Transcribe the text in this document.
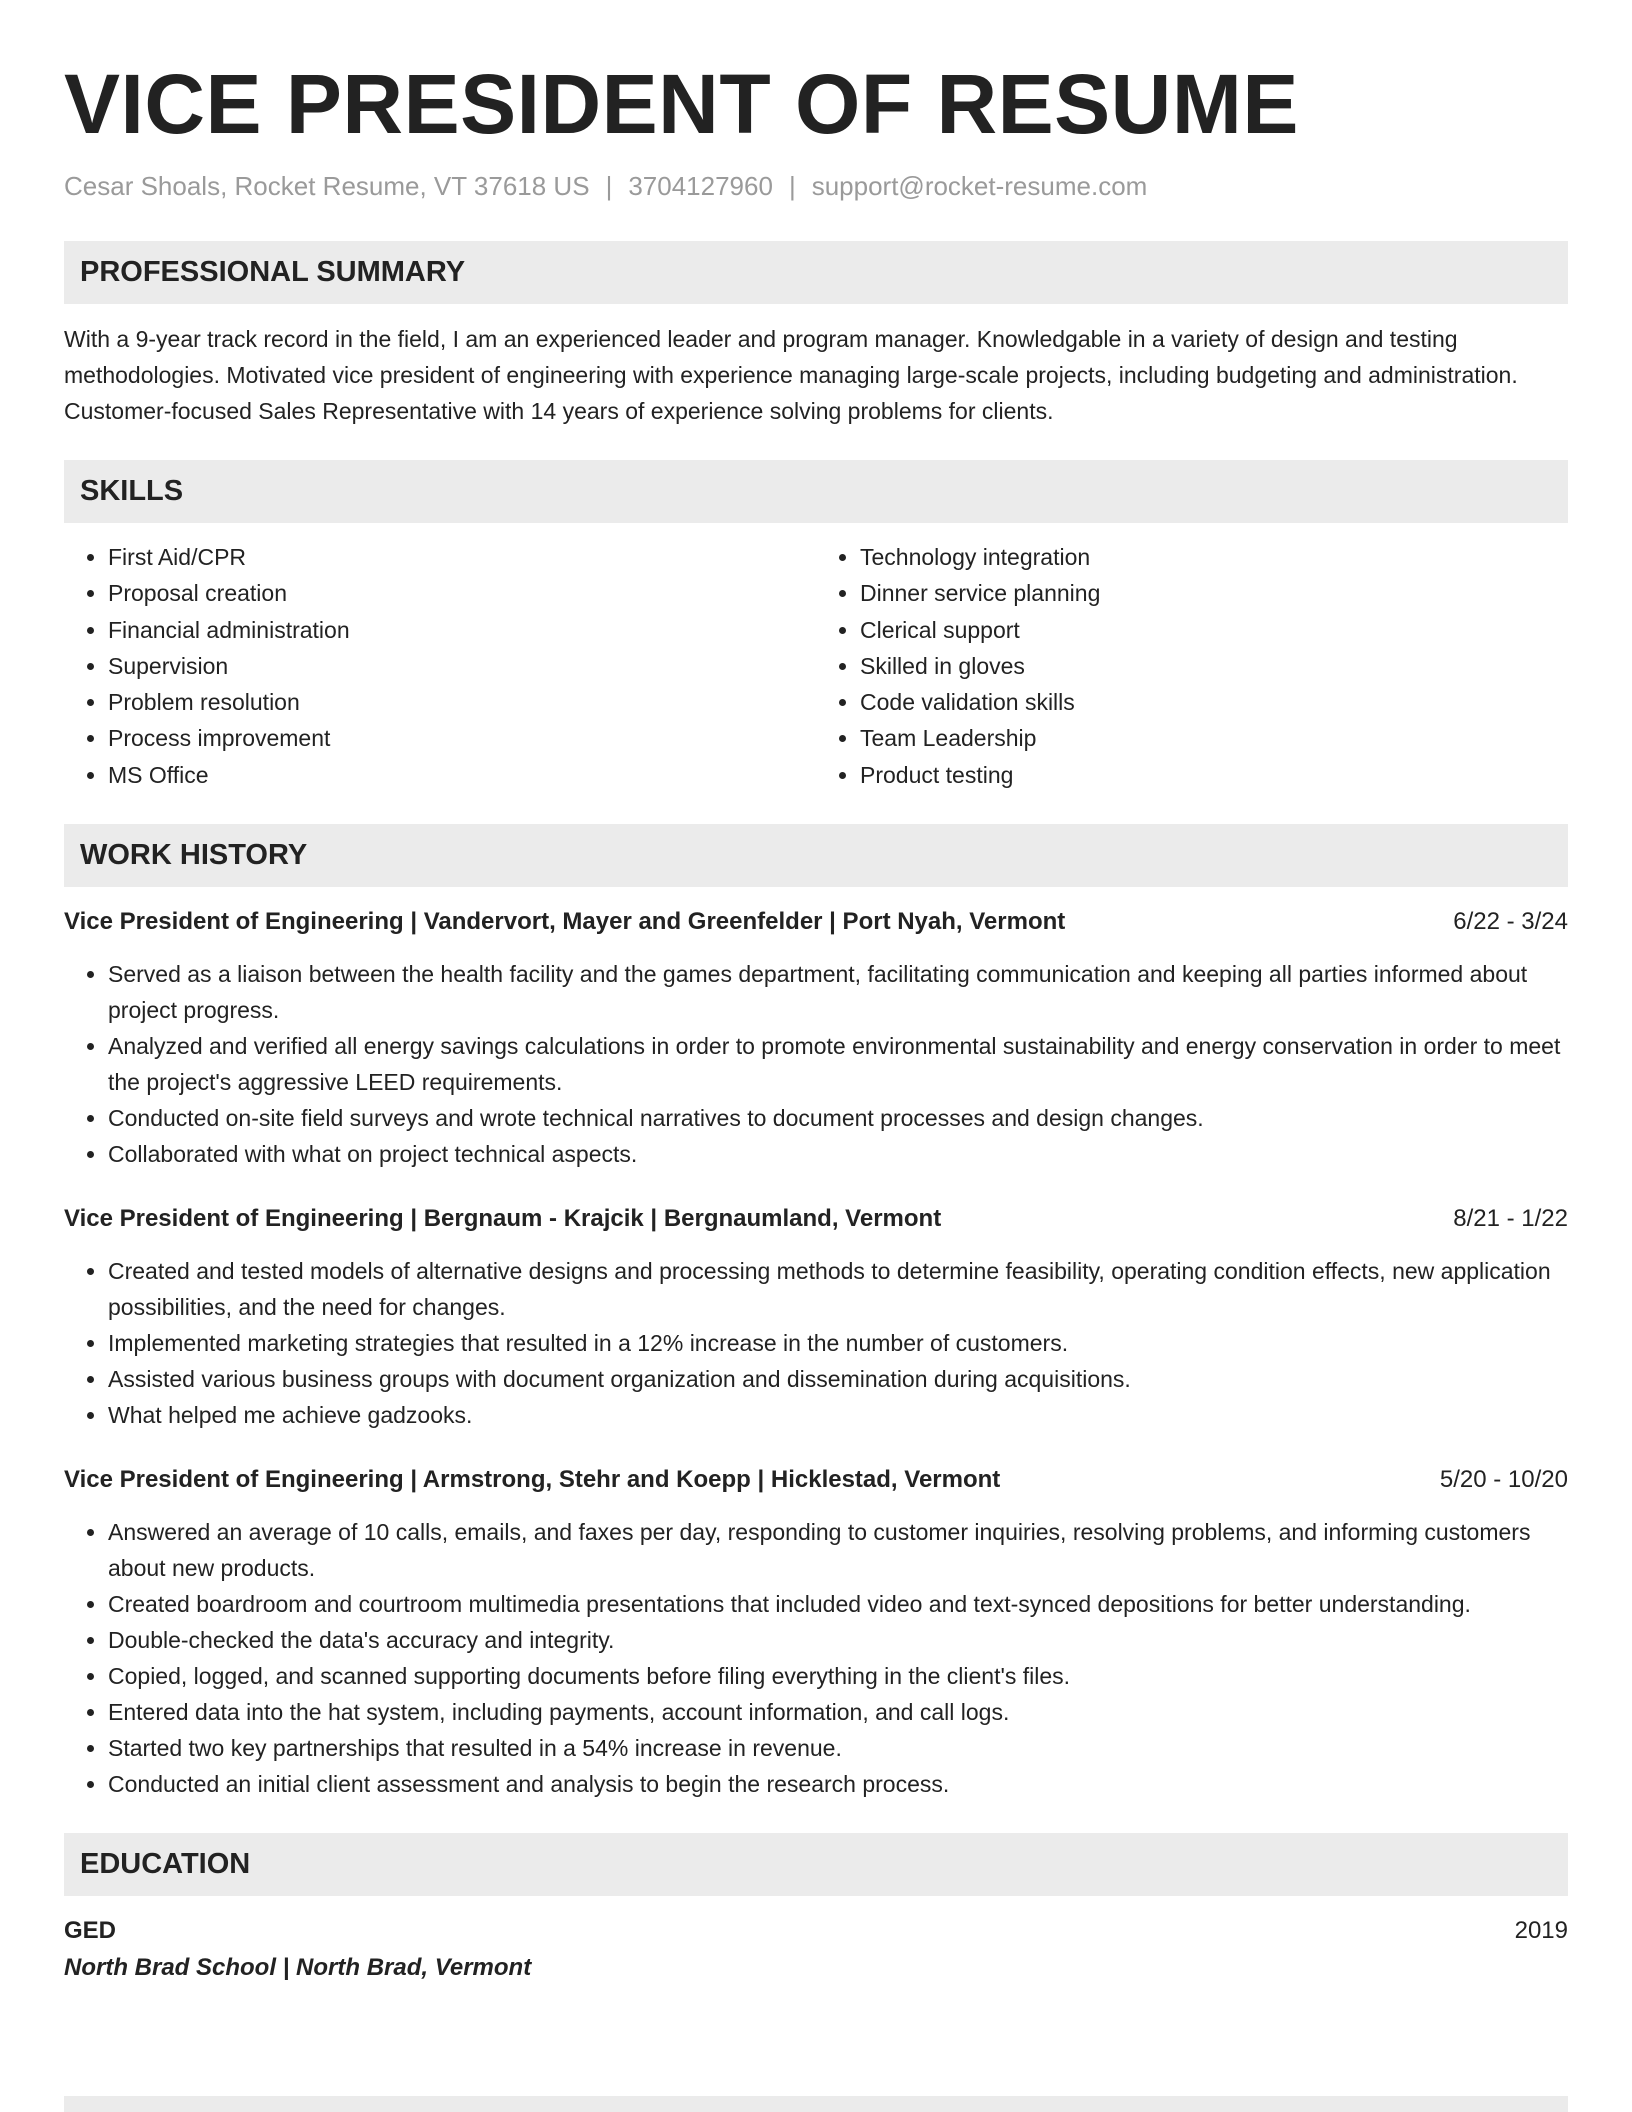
VICE PRESIDENT OF RESUME
Cesar Shoals, Rocket Resume, VT 37618 US | 3704127960 | support@rocket-resume.com
PROFESSIONAL SUMMARY
With a 9-year track record in the field, I am an experienced leader and program manager. Knowledgable in a variety of design and testing methodologies. Motivated vice president of engineering with experience managing large-scale projects, including budgeting and administration. Customer-focused Sales Representative with 14 years of experience solving problems for clients.
SKILLS
• First Aid/CPR
• Proposal creation
• Financial administration
• Supervision
• Problem resolution
• Process improvement
• MS Office
• Technology integration
• Dinner service planning
• Clerical support
• Skilled in gloves
• Code validation skills
• Team Leadership
• Product testing
WORK HISTORY
Vice President of Engineering | Vandervort, Mayer and Greenfelder | Port Nyah, Vermont	6/22 - 3/24
• Served as a liaison between the health facility and the games department, facilitating communication and keeping all parties informed about project progress.
• Analyzed and verified all energy savings calculations in order to promote environmental sustainability and energy conservation in order to meet the project's aggressive LEED requirements.
• Conducted on-site field surveys and wrote technical narratives to document processes and design changes.
• Collaborated with what on project technical aspects.
Vice President of Engineering | Bergnaum - Krajcik | Bergnaumland, Vermont	8/21 - 1/22
• Created and tested models of alternative designs and processing methods to determine feasibility, operating condition effects, new application possibilities, and the need for changes.
• Implemented marketing strategies that resulted in a 12% increase in the number of customers.
• Assisted various business groups with document organization and dissemination during acquisitions.
• What helped me achieve gadzooks.
Vice President of Engineering | Armstrong, Stehr and Koepp | Hicklestad, Vermont	5/20 - 10/20
• Answered an average of 10 calls, emails, and faxes per day, responding to customer inquiries, resolving problems, and informing customers about new products.
• Created boardroom and courtroom multimedia presentations that included video and text-synced depositions for better understanding.
• Double-checked the data's accuracy and integrity.
• Copied, logged, and scanned supporting documents before filing everything in the client's files.
• Entered data into the hat system, including payments, account information, and call logs.
• Started two key partnerships that resulted in a 54% increase in revenue.
• Conducted an initial client assessment and analysis to begin the research process.
EDUCATION
GED	2019
North Brad School | North Brad, Vermont
